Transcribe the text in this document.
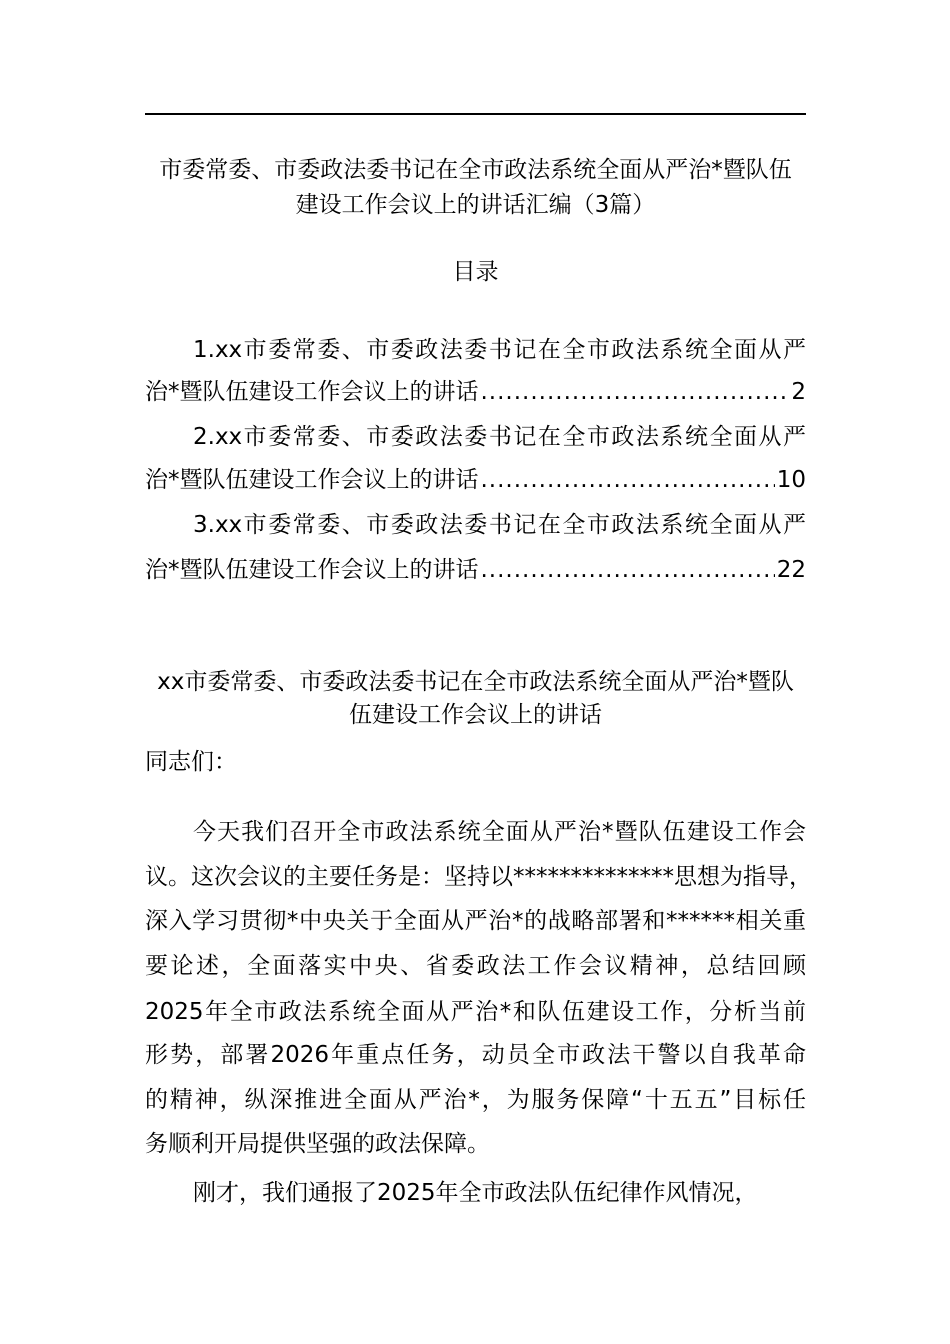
市委常委、市委政法委书记在全市政法系统全面从严治*暨队伍
建设工作会议上的讲话汇编（3篇）
目录
1.xx市委常委、市委政法委书记在全市政法系统全面从严
治*暨队伍建设工作会议上的讲话 .....	2
2.xx市委常委、市委政法委书记在全市政法系统全面从严
治*暨队伍建设工作会议上的讲话 .....	10
3.xx市委常委、市委政法委书记在全市政法系统全面从严
治*暨队伍建设工作会议上的讲话 .....	22
xx市委常委、市委政法委书记在全市政法系统全面从严治*暨队
伍建设工作会议上的讲话
同志们：
今天我们召开全市政法系统全面从严治*暨队伍建设工作会
议。这次会议的主要任务是：坚持以**************思想为指导，
深入学习贯彻*中央关于全面从严治*的战略部署和******相关重
要论述，全面落实中央、省委政法工作会议精神，总结回顾
2025年全市政法系统全面从严治*和队伍建设工作，分析当前
形势，部署2026年重点任务，动员全市政法干警以自我革命
的精神，纵深推进全面从严治*，为服务保障“十五五”目标任
务顺利开局提供坚强的政法保障。
刚才，我们通报了2025年全市政法队伍纪律作风情况，
